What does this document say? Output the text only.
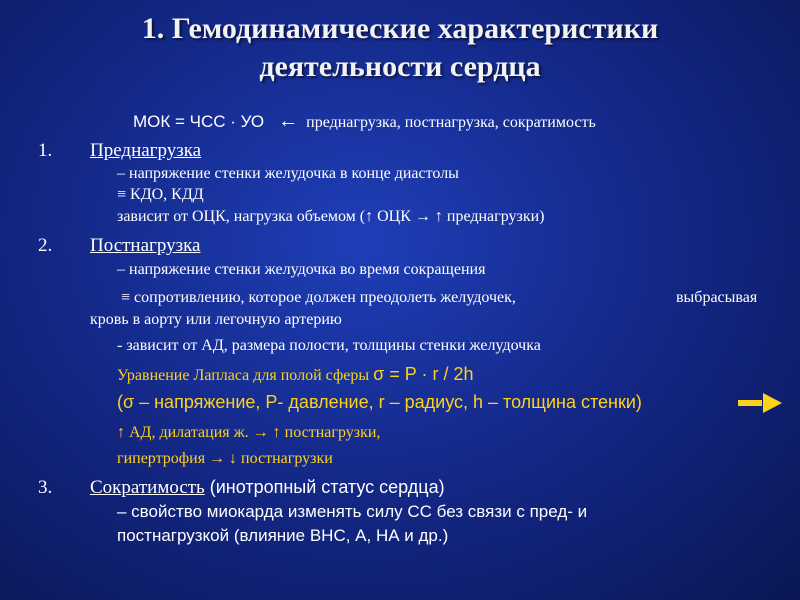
1. Гемодинамические характеристики
деятельности сердца
МОК = ЧСС · УО ← преднагрузка, постнагрузка, сократимость
1. Преднагрузка
– напряжение стенки желудочка в конце диастолы
≡ КДО, КДД
зависит от ОЦК, нагрузка объемом (↑ ОЦК → ↑ преднагрузки)
2. Постнагрузка
– напряжение стенки желудочка во время сокращения
≡ сопротивлению, которое должен преодолеть желудочек,	выбрасывая
кровь в аорту или легочную артерию
- зависит от АД, размера полости, толщины стенки желудочка
Уравнение Лапласа для полой сферы σ = P · r / 2h
(σ – напряжение, P- давление, r – радиус, h – толщина стенки)
↑ АД, дилатация ж. → ↑ постнагрузки,
гипертрофия → ↓ постнагрузки
3. Сократимость (инотропный статус сердца)
– свойство миокарда изменять силу СС без связи с пред- и
постнагрузкой (влияние ВНС, А, НА и др.)
